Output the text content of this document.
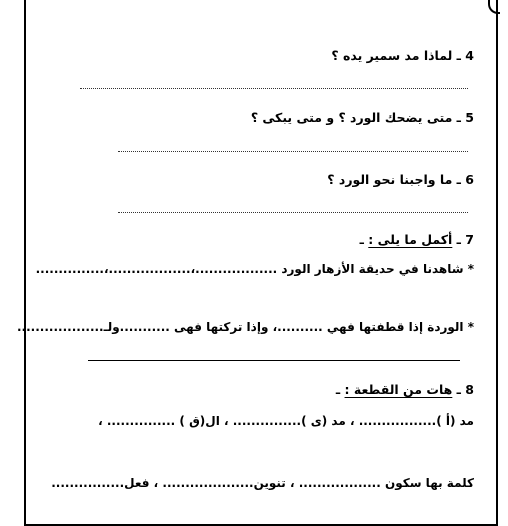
4 ـ لماذا مد سمير يده ؟
5 ـ متى يضحك الورد ؟ و متى يبكى ؟
6 ـ ما واجبنا نحو الورد ؟
7 ـ أكمل ما يلى : ـ
* شاهدنا في حديقة الأزهار الورد ..................،..................،...............
* الوردة إذا قطفتها فهي ..........، وإذا تركتها فهى ...........ولـ...................
8 ـ هات من القطعة : ـ
مد (أ )................. ، مد (ى )............... ، ال(ق ) ............... ،
كلمة بها سكون .................. ، تنوين.................... ، فعل................
